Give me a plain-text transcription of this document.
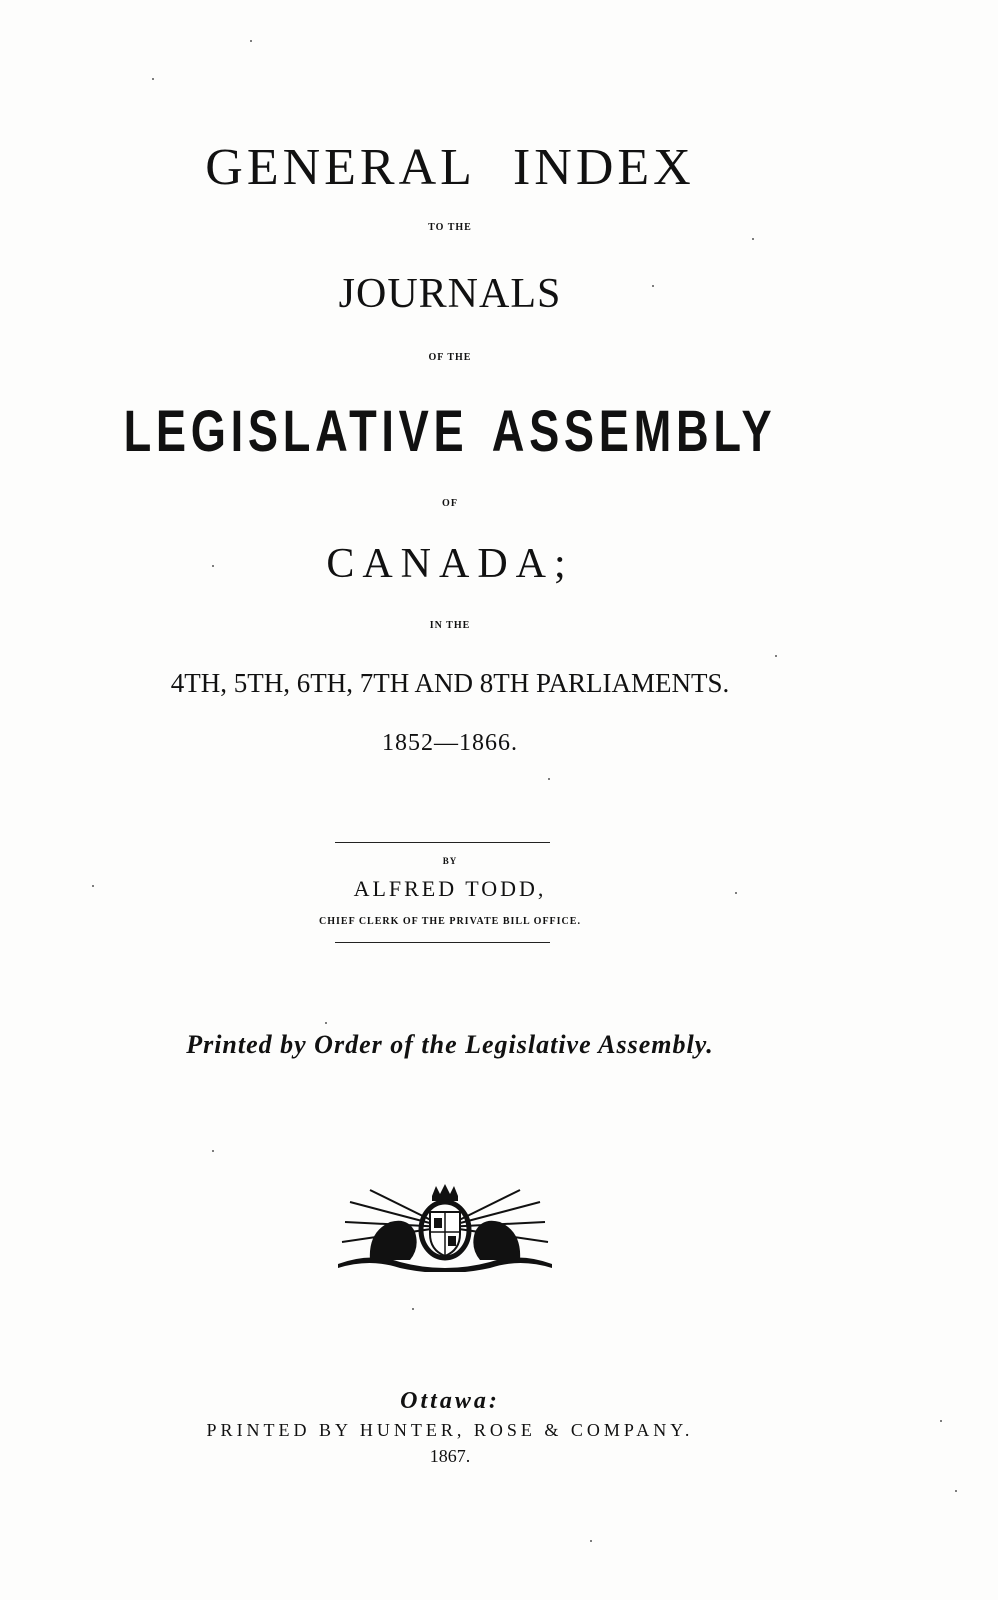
GENERAL INDEX
TO THE
JOURNALS
OF THE
LEGISLATIVE ASSEMBLY
OF
CANADA;
IN THE
4TH, 5TH, 6TH, 7TH AND 8TH PARLIAMENTS.
1852—1866.
BY
ALFRED TODD,
CHIEF CLERK OF THE PRIVATE BILL OFFICE.
Printed by Order of the Legislative Assembly.
Ottawa:
PRINTED BY HUNTER, ROSE & COMPANY.
1867.
